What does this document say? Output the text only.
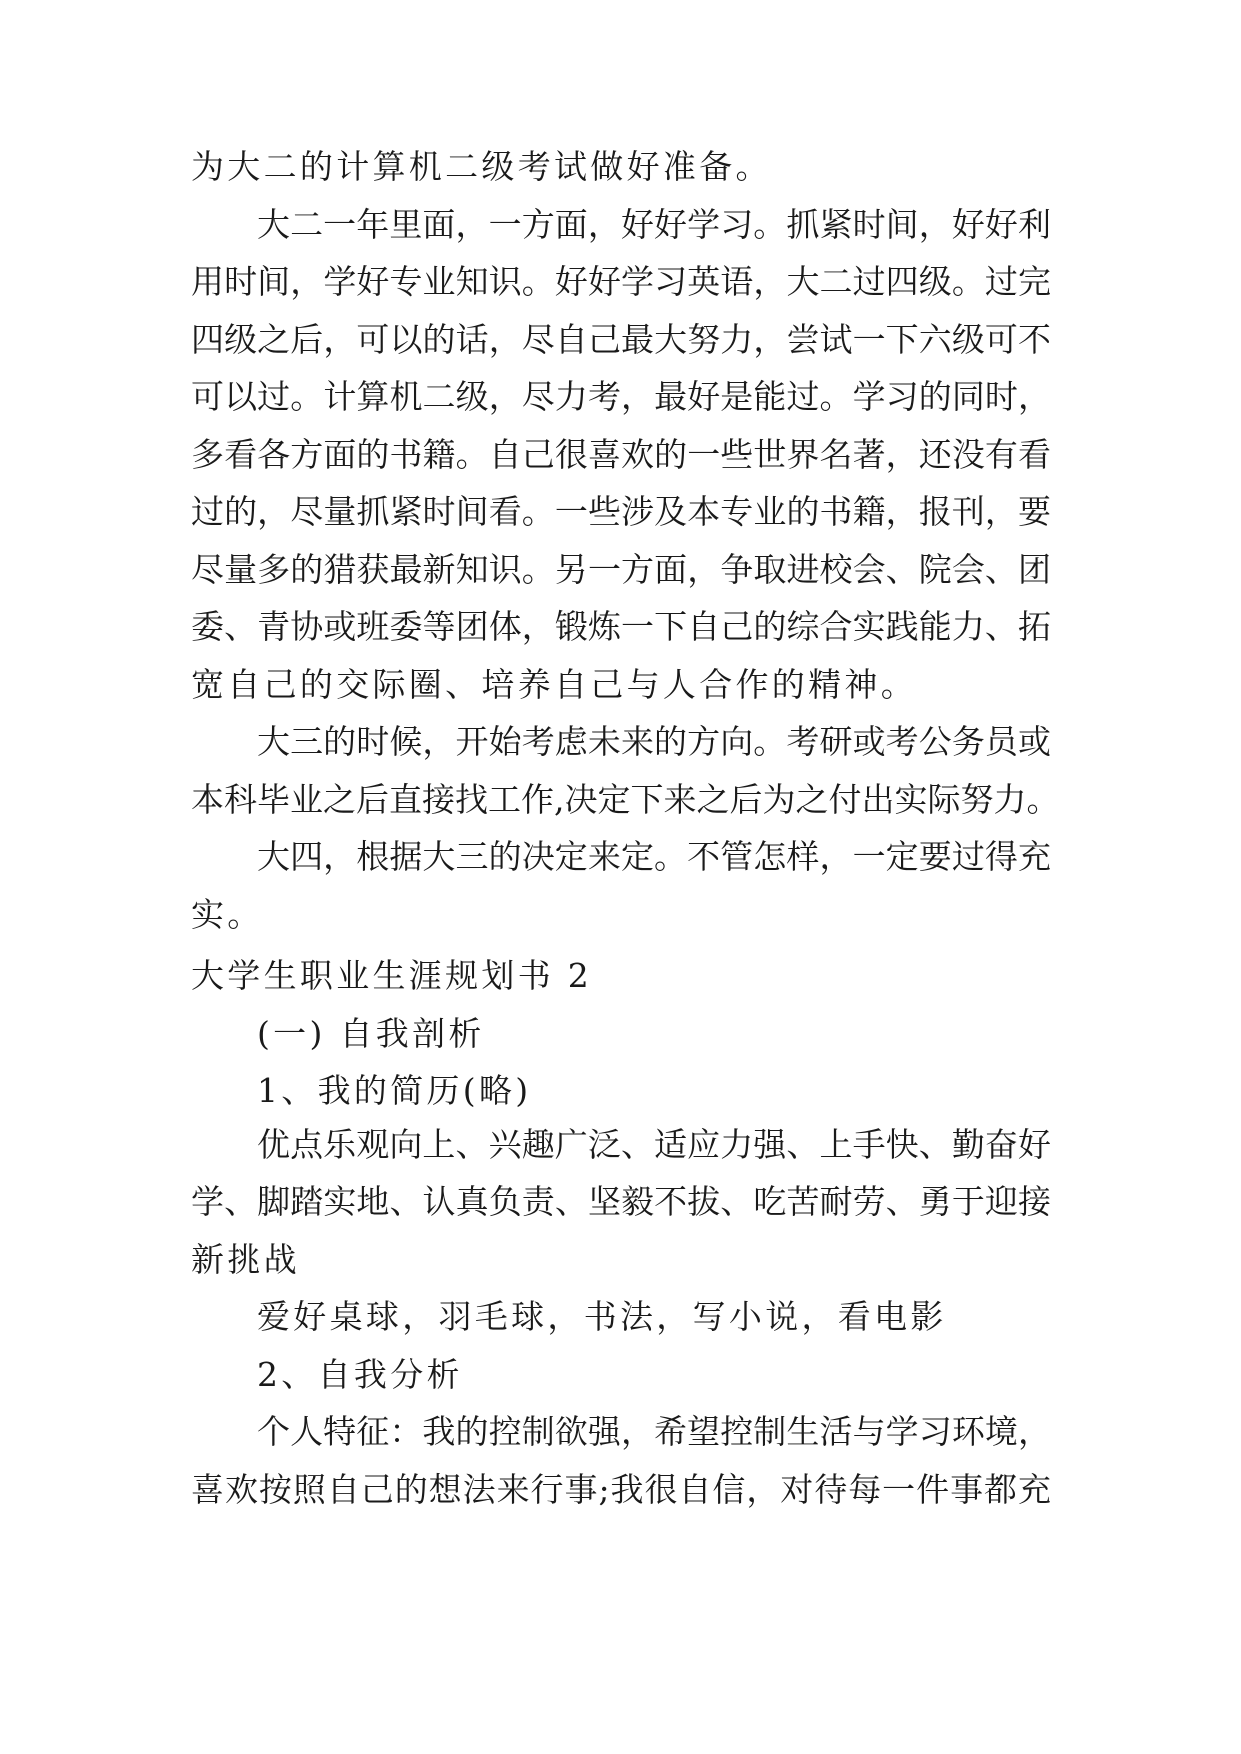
为大二的计算机二级考试做好准备。
大二一年里面，一方面，好好学习。抓紧时间，好好利
用时间，学好专业知识。好好学习英语，大二过四级。过完
四级之后，可以的话，尽自己最大努力，尝试一下六级可不
可以过。计算机二级，尽力考，最好是能过。学习的同时，
多看各方面的书籍。自己很喜欢的一些世界名著，还没有看
过的，尽量抓紧时间看。一些涉及本专业的书籍，报刊，要
尽量多的猎获最新知识。另一方面，争取进校会、院会、团
委、青协或班委等团体，锻炼一下自己的综合实践能力、拓
宽自己的交际圈、培养自己与人合作的精神。
大三的时候，开始考虑未来的方向。考研或考公务员或
本科毕业之后直接找工作,决定下来之后为之付出实际努力。
大四，根据大三的决定来定。不管怎样，一定要过得充
实。
大学生职业生涯规划书 2
(一) 自我剖析
1、我的简历(略)
优点乐观向上、兴趣广泛、适应力强、上手快、勤奋好
学、脚踏实地、认真负责、坚毅不拔、吃苦耐劳、勇于迎接
新挑战
爱好桌球，羽毛球，书法，写小说，看电影
2、自我分析
个人特征：我的控制欲强，希望控制生活与学习环境，
喜欢按照自己的想法来行事;我很自信，对待每一件事都充
